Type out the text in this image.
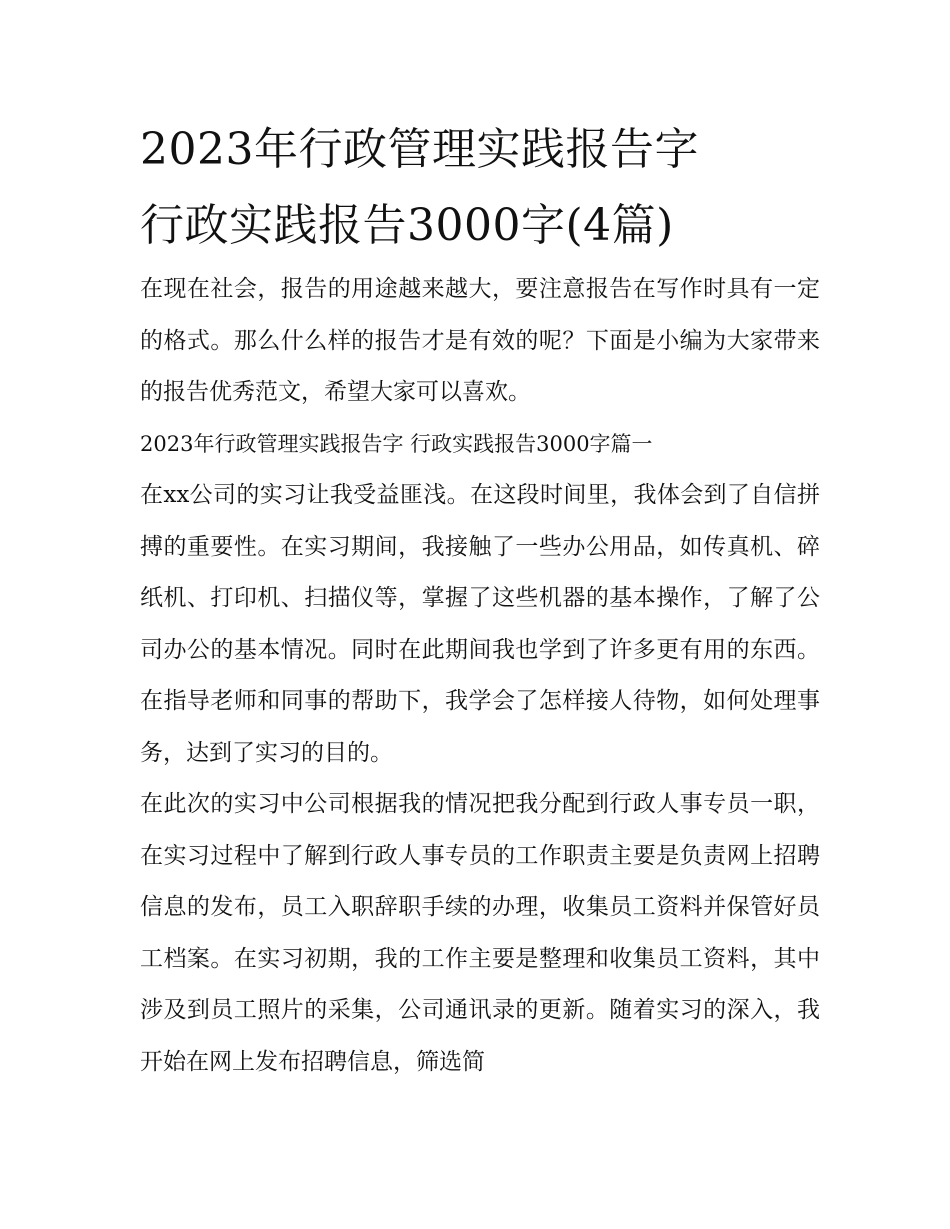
2023年行政管理实践报告字
行政实践报告3000字(4篇)

在现在社会，报告的用途越来越大，要注意报告在写作时具有一定的格式。那么什么样的报告才是有效的呢？下面是小编为大家带来的报告优秀范文，希望大家可以喜欢。

2023年行政管理实践报告字 行政实践报告3000字篇一

在xx公司的实习让我受益匪浅。在这段时间里，我体会到了自信拼搏的重要性。在实习期间，我接触了一些办公用品，如传真机、碎纸机、打印机、扫描仪等，掌握了这些机器的基本操作，了解了公司办公的基本情况。同时在此期间我也学到了许多更有用的东西。在指导老师和同事的帮助下，我学会了怎样接人待物，如何处理事务，达到了实习的目的。

在此次的实习中公司根据我的情况把我分配到行政人事专员一职，在实习过程中了解到行政人事专员的工作职责主要是负责网上招聘信息的发布，员工入职辞职手续的办理，收集员工资料并保管好员工档案。在实习初期，我的工作主要是整理和收集员工资料，其中涉及到员工照片的采集，公司通讯录的更新。随着实习的深入，我开始在网上发布招聘信息，筛选简
